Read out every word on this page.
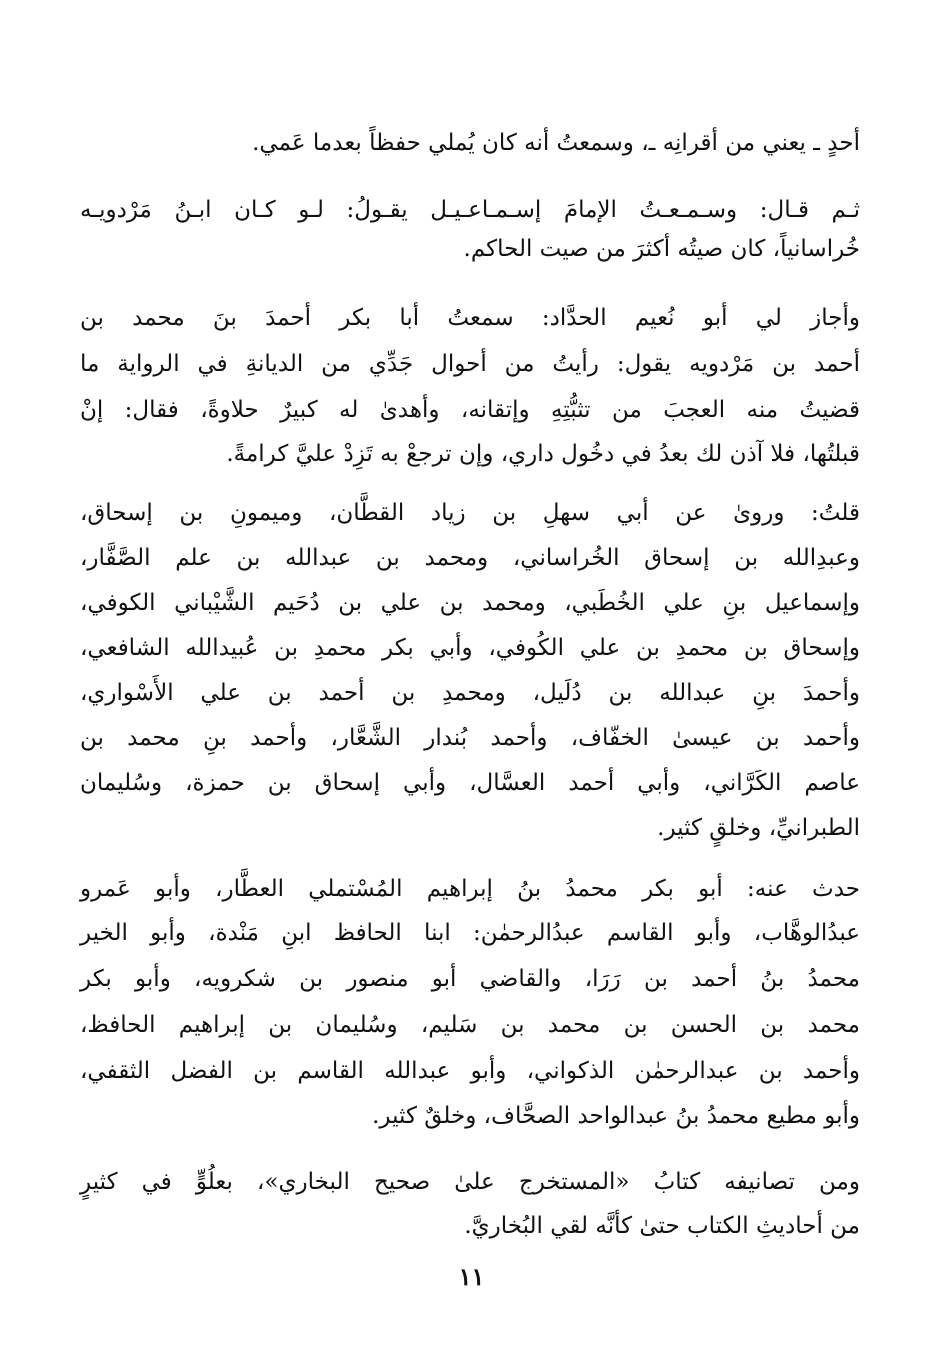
أحدٍ ـ يعني من أقرانِه ـ، وسمعتُ أنه كان يُملي حفظاً بعدما عَمي.
ثـم قـال: وسـمـعـتُ الإمامَ إسـمـاعـيـل يقـولُ: لـو كـان ابـنُ مَرْدويـه
خُراسانياً، كان صيتُه أكثرَ من صيت الحاكم.
وأجاز لي أبو نُعيم الحدَّاد: سمعتُ أبا بكر أحمدَ بنَ محمد بن
أحمد بن مَرْدويه يقول: رأيتُ من أحوال جَدِّي من الديانةِ في الرواية ما
قضيتُ منه العجبَ من تثبُّتِهِ وإتقانه، وأهدىٰ له كبيرٌ حلاوةً، فقال: إنْ
قبلتُها، فلا آذن لك بعدُ في دخُول داري، وإن ترجعْ به تَزِدْ عليَّ كرامةً.
قلتُ: وروىٰ عن أبي سهلِ بن زياد القطَّان، وميمونِ بن إسحاق،
وعبدِالله بن إسحاق الخُراساني، ومحمد بن عبدالله بن علم الصَّفَّار،
وإسماعيل بنِ علي الخُطَبي، ومحمد بن علي بن دُحَيم الشَّيْباني الكوفي،
وإسحاق بن محمدِ بن علي الكُوفي، وأبي بكر محمدِ بن عُبيدالله الشافعي،
وأحمدَ بنِ عبدالله بن دُلَيل، ومحمدِ بن أحمد بن علي الأَسْواري،
وأحمد بن عيسىٰ الخفّاف، وأحمد بُندار الشَّعَّار، وأحمد بنِ محمد بن
عاصم الكَرَّاني، وأبي أحمد العسَّال، وأبي إسحاق بن حمزة، وسُليمان
الطبرانيِّ، وخلقٍ كثير.
حدث عنه: أبو بكر محمدُ بنُ إبراهيم المُسْتملي العطَّار، وأبو عَمرو
عبدُالوهَّاب، وأبو القاسم عبدُالرحمٰن: ابنا الحافظ ابنِ مَنْدة، وأبو الخير
محمدُ بنُ أحمد بن رَرَا، والقاضي أبو منصور بن شكرويه، وأبو بكر
محمد بن الحسن بن محمد بن سَليم، وسُليمان بن إبراهيم الحافظ،
وأحمد بن عبدالرحمٰن الذكواني، وأبو عبدالله القاسم بن الفضل الثقفي،
وأبو مطيع محمدُ بنُ عبدالواحد الصحَّاف، وخلقٌ كثير.
ومن تصانيفه كتابُ «المستخرج علىٰ صحيح البخاري»، بعلُوٍّ في كثيرٍ
من أحاديثِ الكتاب حتىٰ كأنَّه لقي البُخاريَّ.
١١
